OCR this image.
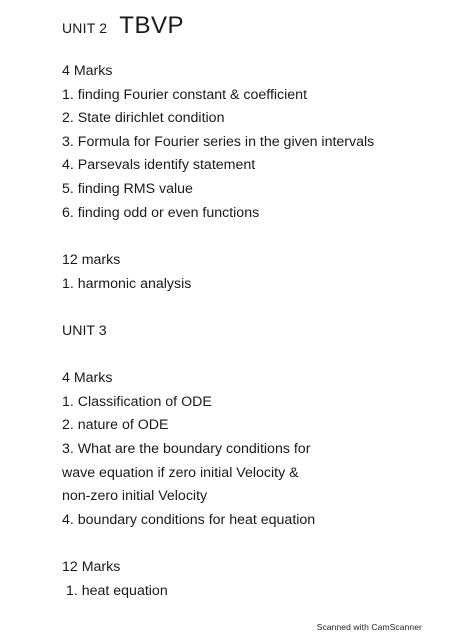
UNIT 2 TBVP
4 Marks
1. finding Fourier constant & coefficient
2. State dirichlet condition
3. Formula for Fourier series in the given intervals
4. Parsevals identify statement
5. finding RMS value
6. finding odd or even functions
12 marks
1. harmonic analysis
UNIT 3
4 Marks
1. Classification of ODE
2. nature of ODE
3. What are the boundary conditions for
wave equation if zero initial Velocity &
non-zero initial Velocity
4. boundary conditions for heat equation
12 Marks
1. heat equation
Scanned with CamScanner
